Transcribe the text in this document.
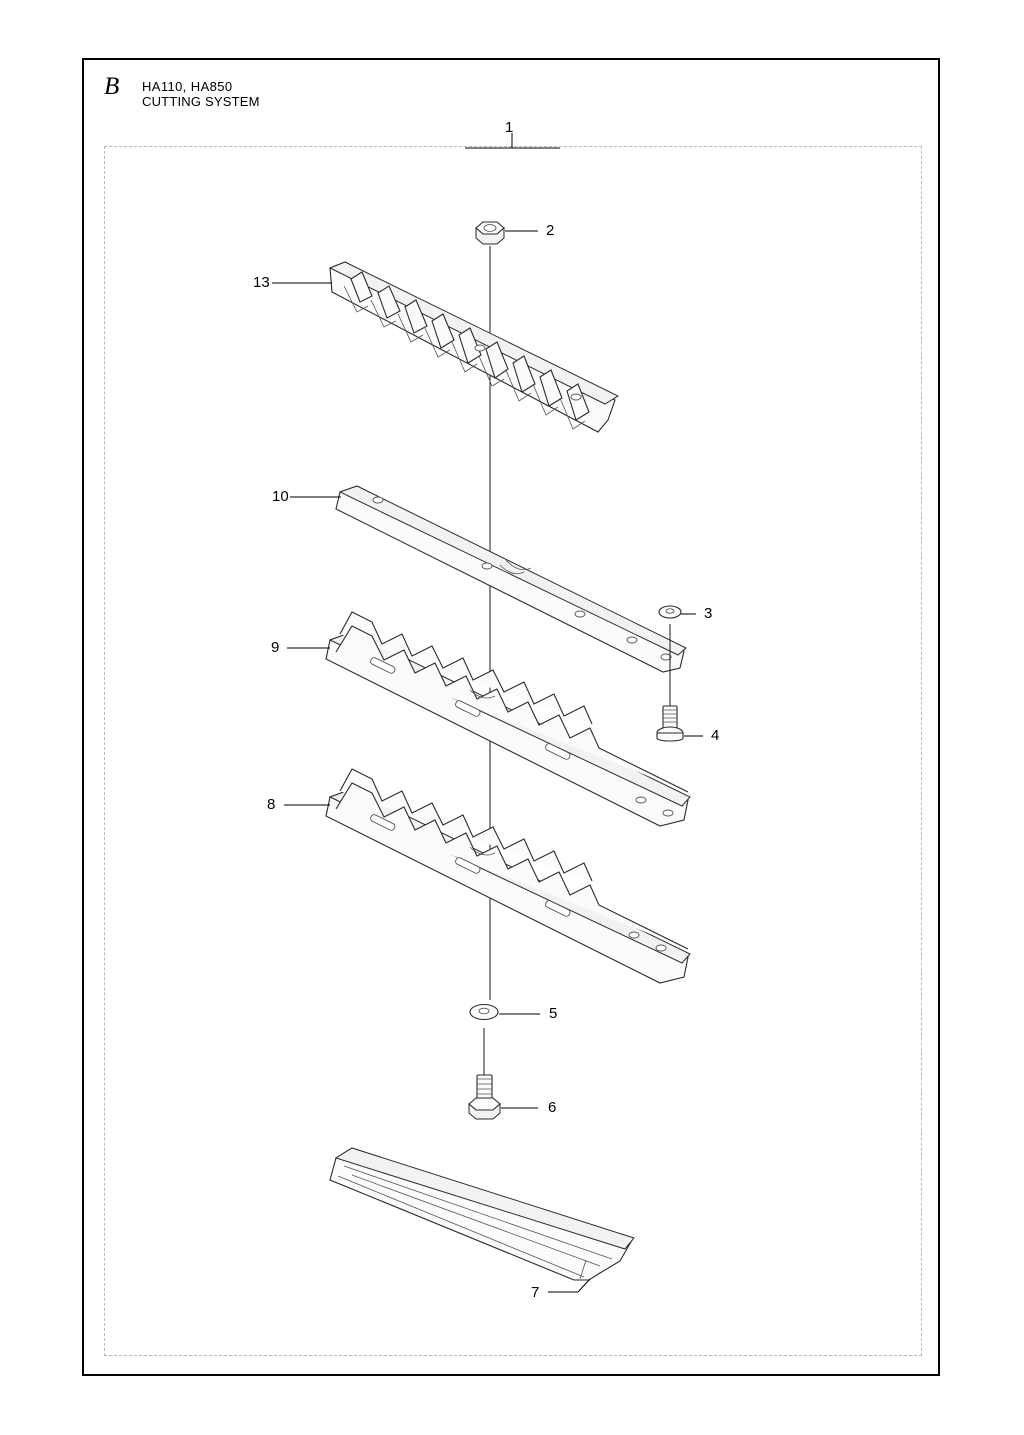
B HA110, HA850
CUTTING SYSTEM
1
2
13
10
3
9
4
8
5
6
7
